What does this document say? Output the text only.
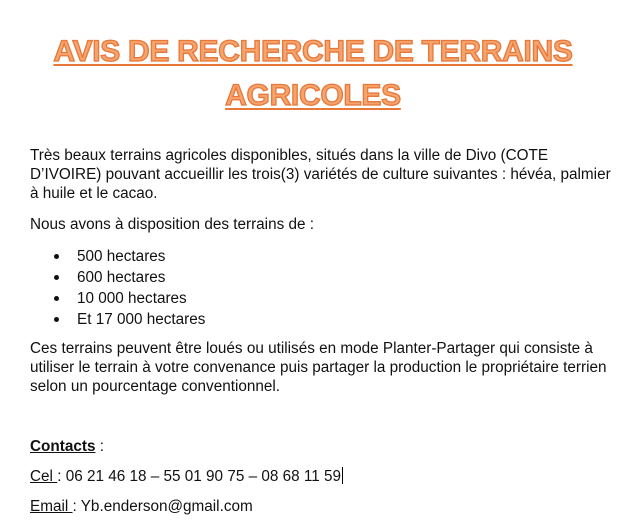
AVIS DE RECHERCHE DE TERRAINS
AGRICOLES

Très beaux terrains agricoles disponibles, situés dans la ville de Divo (COTE D’IVOIRE) pouvant accueillir les trois(3) variétés de culture suivantes : hévéa, palmier à huile et le cacao.

Nous avons à disposition des terrains de :

500 hectares
600 hectares
10 000 hectares
Et 17 000 hectares

Ces terrains peuvent être loués ou utilisés en mode Planter-Partager qui consiste à utiliser le terrain à votre convenance puis partager la production le propriétaire terrien selon un pourcentage conventionnel.

Contacts :
Cel : 06 21 46 18 – 55 01 90 75 – 08 68 11 59
Email : Yb.enderson@gmail.com
